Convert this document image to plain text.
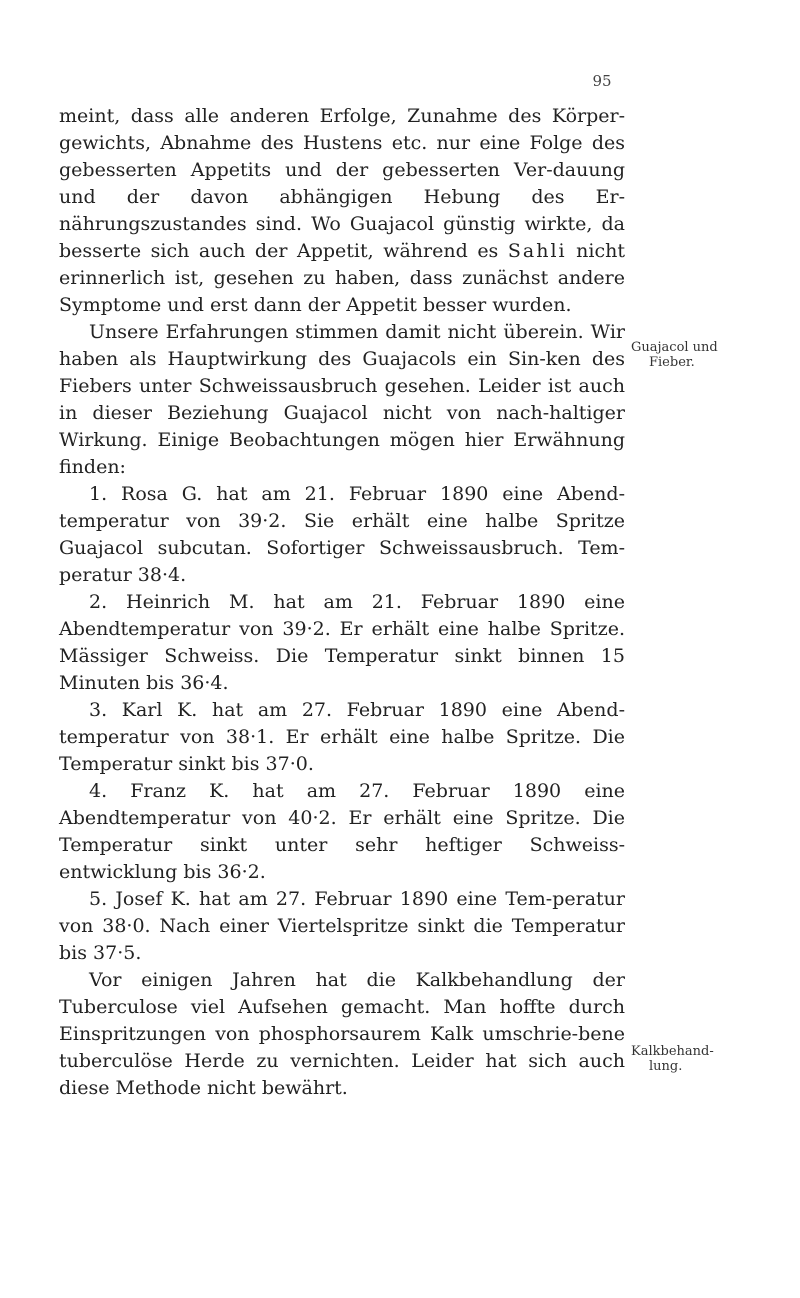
95

meint, dass alle anderen Erfolge, Zunahme des Körper-gewichts, Abnahme des Hustens etc. nur eine Folge des gebesserten Appetits und der gebesserten Ver-dauung und der davon abhängigen Hebung des Er-nährungszustandes sind. Wo Guajacol günstig wirkte, da besserte sich auch der Appetit, während es Sahli nicht erinnerlich ist, gesehen zu haben, dass zunächst andere Symptome und erst dann der Appetit besser wurden.

Unsere Erfahrungen stimmen damit nicht überein. Wir haben als Hauptwirkung des Guajacols ein Sin-ken des Fiebers unter Schweissausbruch gesehen. Leider ist auch in dieser Beziehung Guajacol nicht von nach-haltiger Wirkung. Einige Beobachtungen mögen hier Erwähnung finden:

1. Rosa G. hat am 21. Februar 1890 eine Abend-temperatur von 39·2. Sie erhält eine halbe Spritze Guajacol subcutan. Sofortiger Schweissausbruch. Tem-peratur 38·4.

2. Heinrich M. hat am 21. Februar 1890 eine Abendtemperatur von 39·2. Er erhält eine halbe Spritze. Mässiger Schweiss. Die Temperatur sinkt binnen 15 Minuten bis 36·4.

3. Karl K. hat am 27. Februar 1890 eine Abend-temperatur von 38·1. Er erhält eine halbe Spritze. Die Temperatur sinkt bis 37·0.

4. Franz K. hat am 27. Februar 1890 eine Abendtemperatur von 40·2. Er erhält eine Spritze. Die Temperatur sinkt unter sehr heftiger Schweiss-entwicklung bis 36·2.

5. Josef K. hat am 27. Februar 1890 eine Tem-peratur von 38·0. Nach einer Viertelspritze sinkt die Temperatur bis 37·5.

Vor einigen Jahren hat die Kalkbehandlung der Tuberculose viel Aufsehen gemacht. Man hoffte durch Einspritzungen von phosphorsaurem Kalk umschrie-bene tuberculöse Herde zu vernichten. Leider hat sich auch diese Methode nicht bewährt.

Guajacol und
Fieber.
Kalkbehand-
lung.
